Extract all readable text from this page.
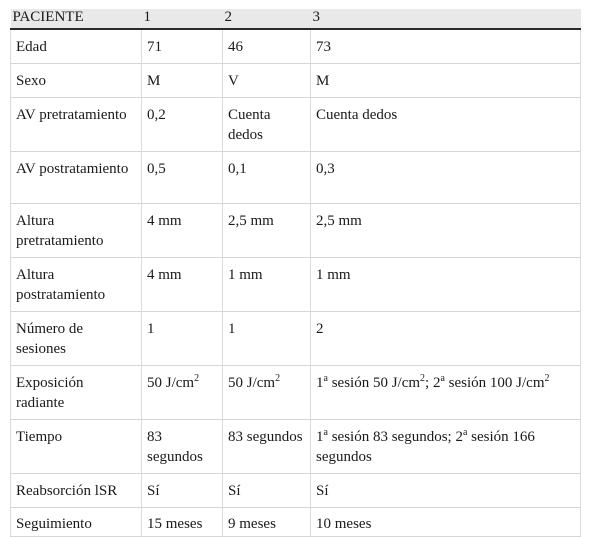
PACIENTE	1	2	3
Edad	71	46	73
Sexo	M	V	M
AV pretratamiento	0,2	Cuenta dedos	Cuenta dedos
AV postratamiento	0,5	0,1	0,3
Altura pretratamiento	4 mm	2,5 mm	2,5 mm
Altura postratamiento	4 mm	1 mm	1 mm
Número de sesiones	1	1	2
Exposición radiante	50 $J/cm^2$	50 $J/cm^2$	1$^a$ sesión 50 $J/cm^2$; 2$^a$ sesión 100 $J/cm^2$
Tiempo	83 segundos	83 segundos	1$^a$ sesión 83 segundos; 2$^a$ sesión 166 segundos
Reabsorción lSR	Sí	Sí	Sí
Seguimiento	15 meses	9 meses	10 meses
